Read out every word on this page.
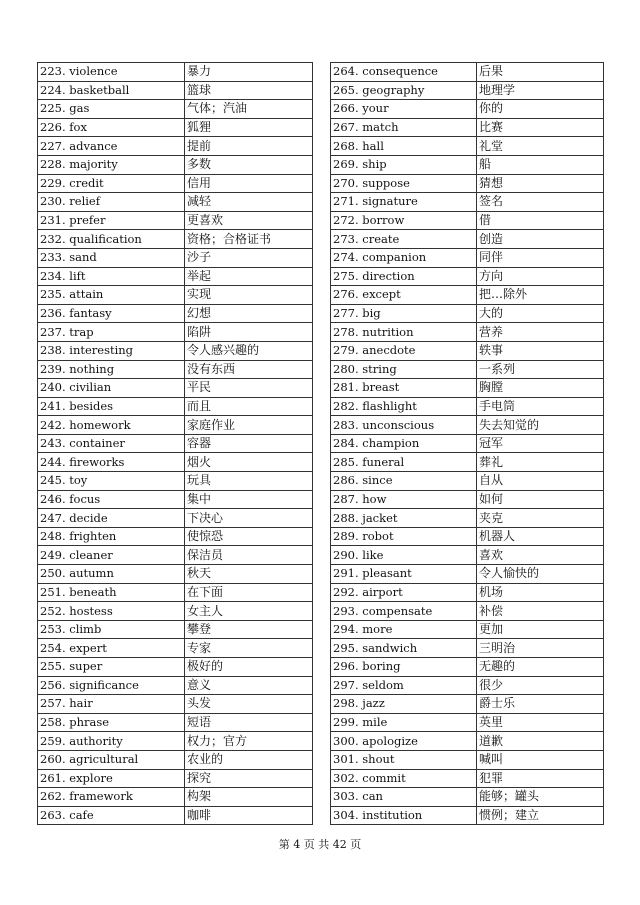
223. violence	暴力
224. basketball	篮球
225. gas	气体；汽油
226. fox	狐狸
227. advance	提前
228. majority	多数
229. credit	信用
230. relief	减轻
231. prefer	更喜欢
232. qualification	资格；合格证书
233. sand	沙子
234. lift	举起
235. attain	实现
236. fantasy	幻想
237. trap	陷阱
238. interesting	令人感兴趣的
239. nothing	没有东西
240. civilian	平民
241. besides	而且
242. homework	家庭作业
243. container	容器
244. fireworks	烟火
245. toy	玩具
246. focus	集中
247. decide	下决心
248. frighten	使惊恐
249. cleaner	保洁员
250. autumn	秋天
251. beneath	在下面
252. hostess	女主人
253. climb	攀登
254. expert	专家
255. super	极好的
256. significance	意义
257. hair	头发
258. phrase	短语
259. authority	权力；官方
260. agricultural	农业的
261. explore	探究
262. framework	构架
263. cafe	咖啡
264. consequence	后果
265. geography	地理学
266. your	你的
267. match	比赛
268. hall	礼堂
269. ship	船
270. suppose	猜想
271. signature	签名
272. borrow	借
273. create	创造
274. companion	同伴
275. direction	方向
276. except	把…除外
277. big	大的
278. nutrition	营养
279. anecdote	轶事
280. string	一系列
281. breast	胸膛
282. flashlight	手电筒
283. unconscious	失去知觉的
284. champion	冠军
285. funeral	葬礼
286. since	自从
287. how	如何
288. jacket	夹克
289. robot	机器人
290. like	喜欢
291. pleasant	令人愉快的
292. airport	机场
293. compensate	补偿
294. more	更加
295. sandwich	三明治
296. boring	无趣的
297. seldom	很少
298. jazz	爵士乐
299. mile	英里
300. apologize	道歉
301. shout	喊叫
302. commit	犯罪
303. can	能够；罐头
304. institution	惯例；建立
第 4 页 共 42 页
